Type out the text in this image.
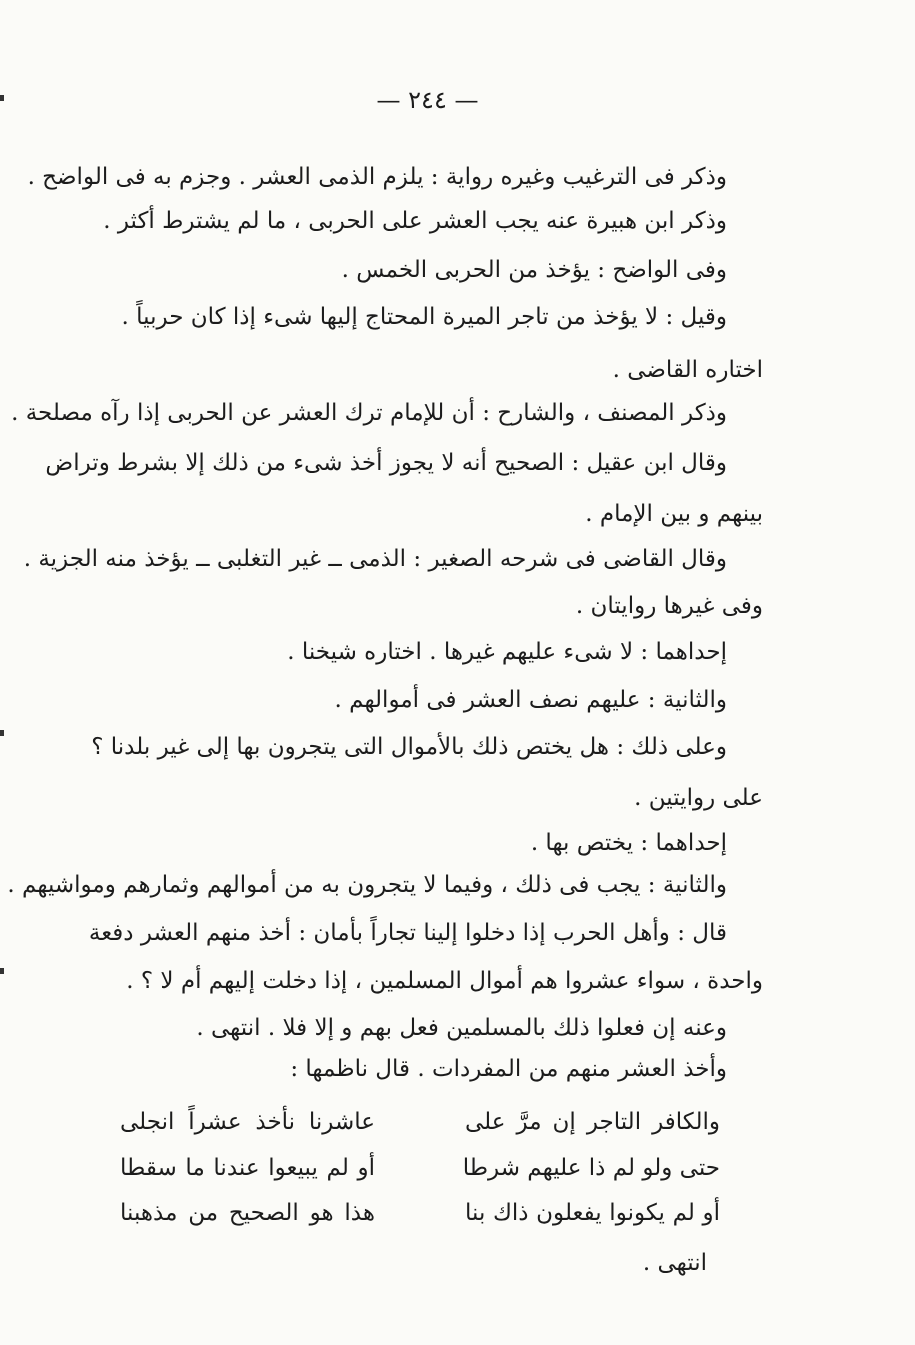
— ٢٤٤ —
وذكر فى الترغيب وغيره رواية : يلزم الذمى العشر . وجزم به فى الواضح .
وذكر ابن هبيرة عنه يجب العشر على الحربى ، ما لم يشترط أكثر .
وفى الواضح : يؤخذ من الحربى الخمس .
وقيل : لا يؤخذ من تاجر الميرة المحتاج إليها شىء إذا كان حربياً .
اختاره القاضى .
وذكر المصنف ، والشارح : أن للإمام ترك العشر عن الحربى إذا رآه مصلحة .
وقال ابن عقيل : الصحيح أنه لا يجوز أخذ شىء من ذلك إلا بشرط وتراض
بينهم و بين الإمام .
وقال القاضى فى شرحه الصغير : الذمى ــ غير التغلبى ــ يؤخذ منه الجزية .
وفى غيرها روايتان .
إحداهما : لا شىء عليهم غيرها . اختاره شيخنا .
والثانية : عليهم نصف العشر فى أموالهم .
وعلى ذلك : هل يختص ذلك بالأموال التى يتجرون بها إلى غير بلدنا ؟
على روايتين .
إحداهما : يختص بها .
والثانية : يجب فى ذلك ، وفيما لا يتجرون به من أموالهم وثمارهم ومواشيهم .
قال : وأهل الحرب إذا دخلوا إلينا تجاراً بأمان : أخذ منهم العشر دفعة
واحدة ، سواء عشروا هم أموال المسلمين ، إذا دخلت إليهم أم لا ؟ .
وعنه إن فعلوا ذلك بالمسلمين فعل بهم و إلا فلا . انتهى .
وأخذ العشر منهم من المفردات . قال ناظمها :
والكافر التاجر إن مرَّ على
عاشرنا نأخذ عشراً انجلى
حتى ولو لم ذا عليهم شرطا
أو لم يبيعوا عندنا ما سقطا
أو لم يكونوا يفعلون ذاك بنا
هذا هو الصحيح من مذهبنا
انتهى .
